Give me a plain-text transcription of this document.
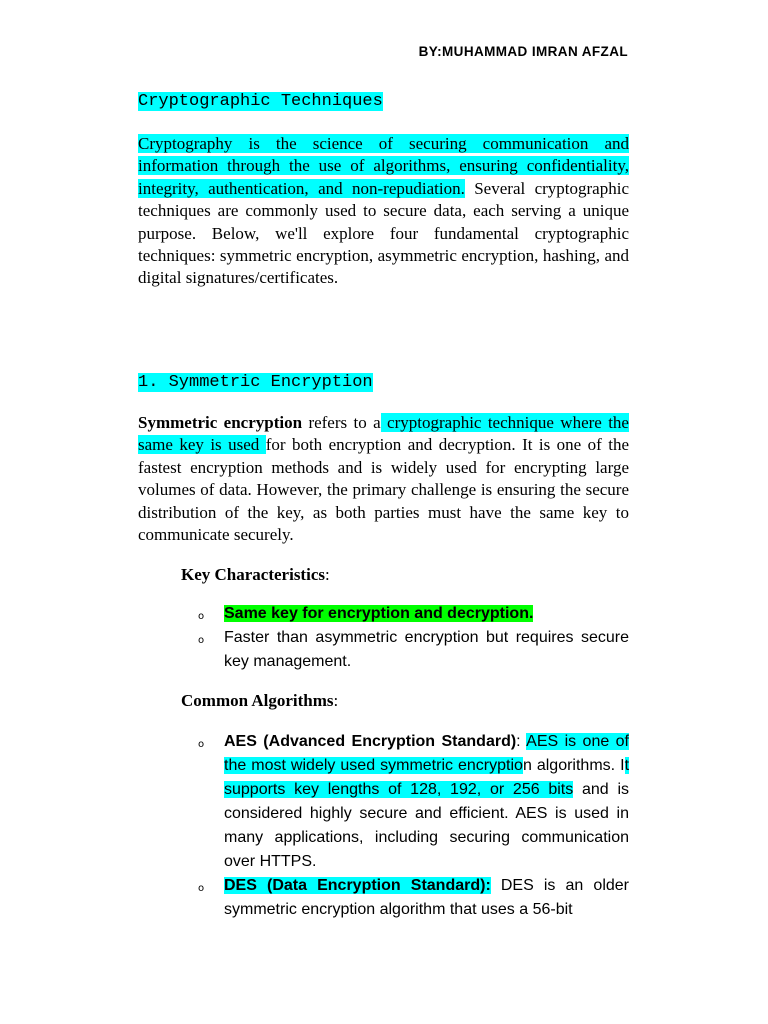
BY:MUHAMMAD IMRAN AFZAL
Cryptographic Techniques
Cryptography is the science of securing communication and information through the use of algorithms, ensuring confidentiality, integrity, authentication, and non-repudiation. Several cryptographic techniques are commonly used to secure data, each serving a unique purpose. Below, we'll explore four fundamental cryptographic techniques: symmetric encryption, asymmetric encryption, hashing, and digital signatures/certificates.
1. Symmetric Encryption
Symmetric encryption refers to a cryptographic technique where the same key is used for both encryption and decryption. It is one of the fastest encryption methods and is widely used for encrypting large volumes of data. However, the primary challenge is ensuring the secure distribution of the key, as both parties must have the same key to communicate securely.
Key Characteristics:
o Same key for encryption and decryption.
o Faster than asymmetric encryption but requires secure key management.
Common Algorithms:
o AES (Advanced Encryption Standard): AES is one of the most widely used symmetric encryption algorithms. It supports key lengths of 128, 192, or 256 bits and is considered highly secure and efficient. AES is used in many applications, including securing communication over HTTPS.
o DES (Data Encryption Standard): DES is an older symmetric encryption algorithm that uses a 56-bit
